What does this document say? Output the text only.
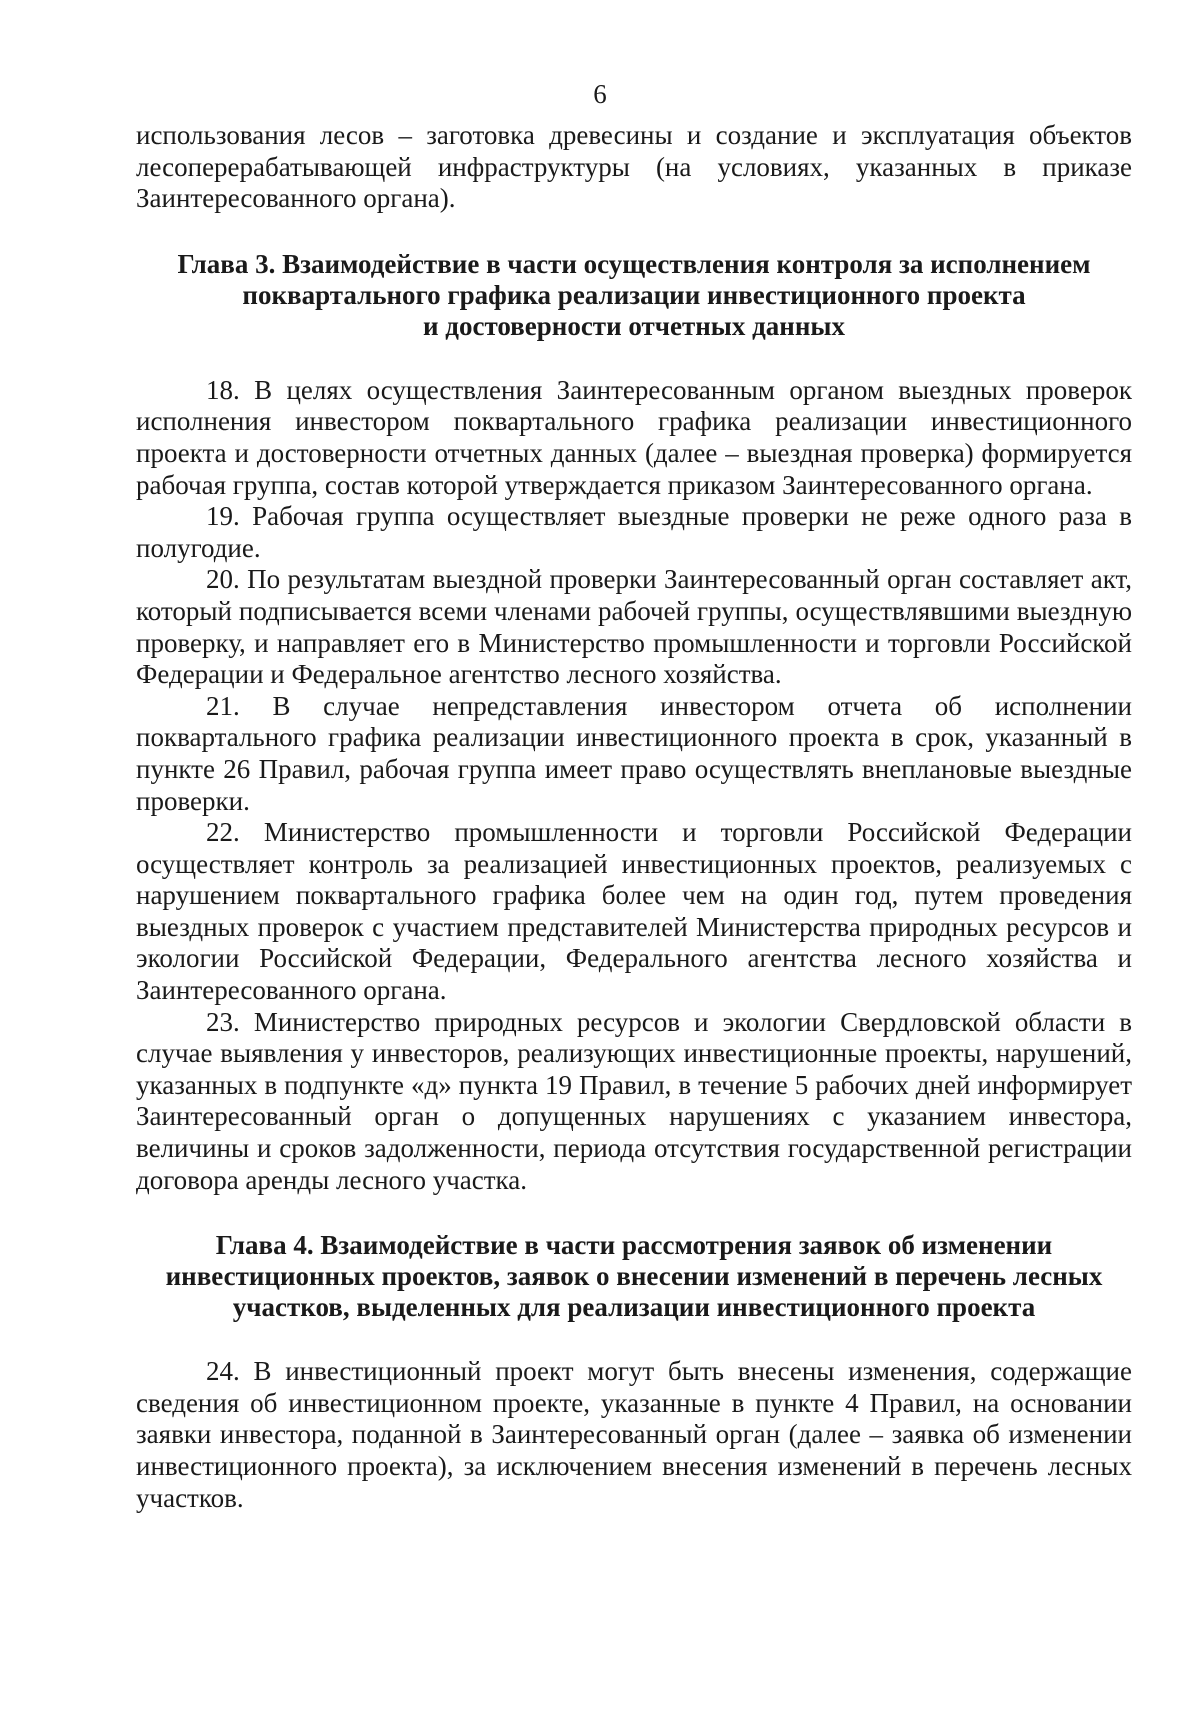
6

использования лесов – заготовка древесины и создание и эксплуатация объектов лесоперерабатывающей инфраструктуры (на условиях, указанных в приказе Заинтересованного органа).

Глава 3. Взаимодействие в части осуществления контроля за исполнением
поквартального графика реализации инвестиционного проекта
и достоверности отчетных данных

18. В целях осуществления Заинтересованным органом выездных проверок исполнения инвестором поквартального графика реализации инвестиционного проекта и достоверности отчетных данных (далее – выездная проверка) формируется рабочая группа, состав которой утверждается приказом Заинтересованного органа.

19. Рабочая группа осуществляет выездные проверки не реже одного раза в полугодие.

20. По результатам выездной проверки Заинтересованный орган составляет акт, который подписывается всеми членами рабочей группы, осуществлявшими выездную проверку, и направляет его в Министерство промышленности и торговли Российской Федерации и Федеральное агентство лесного хозяйства.

21. В случае непредставления инвестором отчета об исполнении поквартального графика реализации инвестиционного проекта в срок, указанный в пункте 26 Правил, рабочая группа имеет право осуществлять внеплановые выездные проверки.

22. Министерство промышленности и торговли Российской Федерации осуществляет контроль за реализацией инвестиционных проектов, реализуемых с нарушением поквартального графика более чем на один год, путем проведения выездных проверок с участием представителей Министерства природных ресурсов и экологии Российской Федерации, Федерального агентства лесного хозяйства и Заинтересованного органа.

23. Министерство природных ресурсов и экологии Свердловской области в случае выявления у инвесторов, реализующих инвестиционные проекты, нарушений, указанных в подпункте «д» пункта 19 Правил, в течение 5 рабочих дней информирует Заинтересованный орган о допущенных нарушениях с указанием инвестора, величины и сроков задолженности, периода отсутствия государственной регистрации договора аренды лесного участка.

Глава 4. Взаимодействие в части рассмотрения заявок об изменении
инвестиционных проектов, заявок о внесении изменений в перечень лесных
участков, выделенных для реализации инвестиционного проекта

24. В инвестиционный проект могут быть внесены изменения, содержащие сведения об инвестиционном проекте, указанные в пункте 4 Правил, на основании заявки инвестора, поданной в Заинтересованный орган (далее – заявка об изменении инвестиционного проекта), за исключением внесения изменений в перечень лесных участков.
